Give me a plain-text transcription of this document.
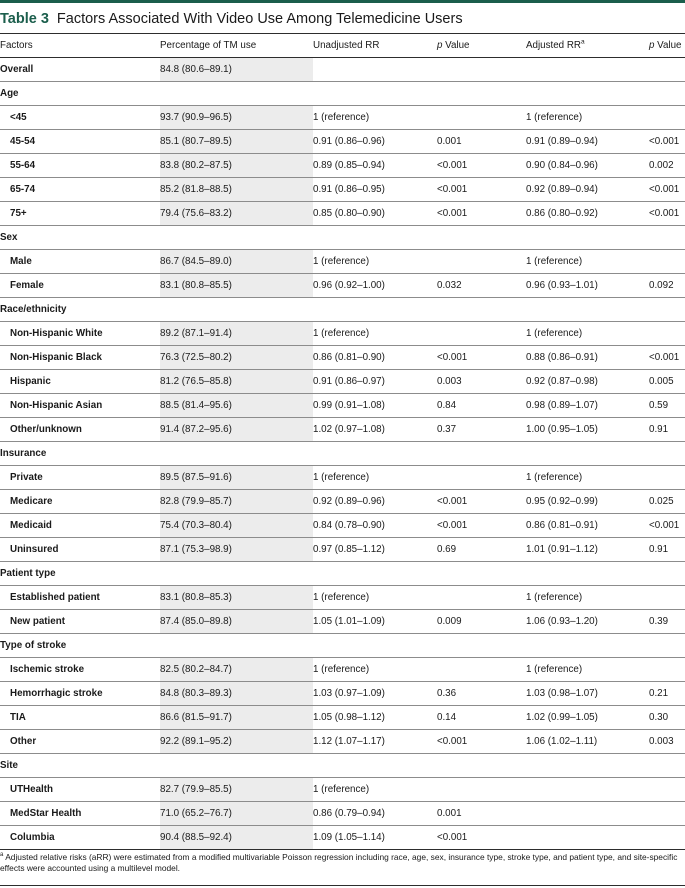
Table 3 Factors Associated With Video Use Among Telemedicine Users
Factors	Percentage of TM use	Unadjusted RR	p Value	Adjusted $RR^a$	p Value
Overall	84.8 (80.6–89.1)				
Age					
<45	93.7 (90.9–96.5)	1 (reference)		1 (reference)	
45-54	85.1 (80.7–89.5)	0.91 (0.86–0.96)	0.001	0.91 (0.89–0.94)	<0.001
55-64	83.8 (80.2–87.5)	0.89 (0.85–0.94)	<0.001	0.90 (0.84–0.96)	0.002
65-74	85.2 (81.8–88.5)	0.91 (0.86–0.95)	<0.001	0.92 (0.89–0.94)	<0.001
75+	79.4 (75.6–83.2)	0.85 (0.80–0.90)	<0.001	0.86 (0.80–0.92)	<0.001
Sex					
Male	86.7 (84.5–89.0)	1 (reference)		1 (reference)	
Female	83.1 (80.8–85.5)	0.96 (0.92–1.00)	0.032	0.96 (0.93–1.01)	0.092
Race/ethnicity					
Non-Hispanic White	89.2 (87.1–91.4)	1 (reference)		1 (reference)	
Non-Hispanic Black	76.3 (72.5–80.2)	0.86 (0.81–0.90)	<0.001	0.88 (0.86–0.91)	<0.001
Hispanic	81.2 (76.5–85.8)	0.91 (0.86–0.97)	0.003	0.92 (0.87–0.98)	0.005
Non-Hispanic Asian	88.5 (81.4–95.6)	0.99 (0.91–1.08)	0.84	0.98 (0.89–1.07)	0.59
Other/unknown	91.4 (87.2–95.6)	1.02 (0.97–1.08)	0.37	1.00 (0.95–1.05)	0.91
Insurance					
Private	89.5 (87.5–91.6)	1 (reference)		1 (reference)	
Medicare	82.8 (79.9–85.7)	0.92 (0.89–0.96)	<0.001	0.95 (0.92–0.99)	0.025
Medicaid	75.4 (70.3–80.4)	0.84 (0.78–0.90)	<0.001	0.86 (0.81–0.91)	<0.001
Uninsured	87.1 (75.3–98.9)	0.97 (0.85–1.12)	0.69	1.01 (0.91–1.12)	0.91
Patient type					
Established patient	83.1 (80.8–85.3)	1 (reference)		1 (reference)	
New patient	87.4 (85.0–89.8)	1.05 (1.01–1.09)	0.009	1.06 (0.93–1.20)	0.39
Type of stroke					
Ischemic stroke	82.5 (80.2–84.7)	1 (reference)		1 (reference)	
Hemorrhagic stroke	84.8 (80.3–89.3)	1.03 (0.97–1.09)	0.36	1.03 (0.98–1.07)	0.21
TIA	86.6 (81.5–91.7)	1.05 (0.98–1.12)	0.14	1.02 (0.99–1.05)	0.30
Other	92.2 (89.1–95.2)	1.12 (1.07–1.17)	<0.001	1.06 (1.02–1.11)	0.003
Site					
UTHealth	82.7 (79.9–85.5)	1 (reference)			
MedStar Health	71.0 (65.2–76.7)	0.86 (0.79–0.94)	0.001		
Columbia	90.4 (88.5–92.4)	1.09 (1.05–1.14)	<0.001		
$^a$ Adjusted relative risks (aRR) were estimated from a modified multivariable Poisson regression including race, age, sex, insurance type, stroke type, and patient type, and site-specific effects were accounted using a multilevel model.
